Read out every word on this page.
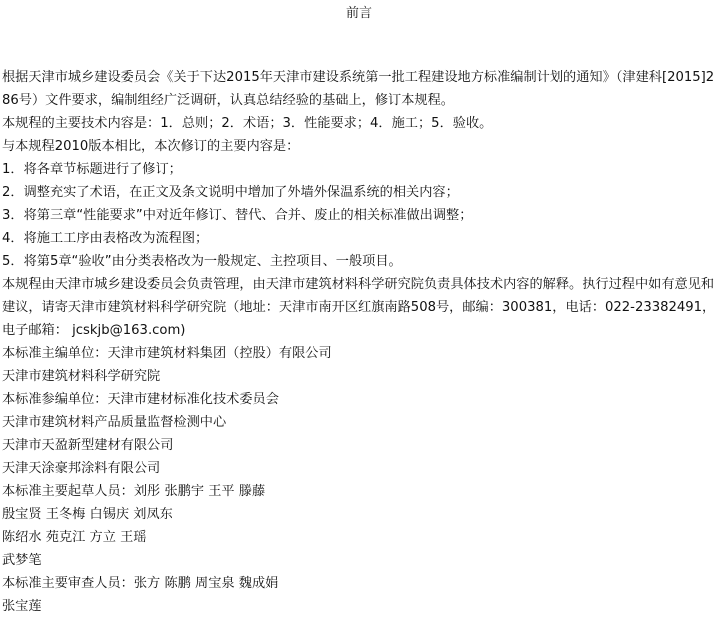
前言

根据天津市城乡建设委员会《关于下达2015年天津市建设系统第一批工程建设地方标准编制计划的通知》（津建科[2015]286号）文件要求，编制组经广泛调研，认真总结经验的基础上，修订本规程。

本规程的主要技术内容是：1．总则；2．术语；3．性能要求；4．施工；5．验收。

与本规程2010版本相比，本次修订的主要内容是：

1．将各章节标题进行了修订；

2．调整充实了术语，在正文及条文说明中增加了外墙外保温系统的相关内容；

3．将第三章“性能要求”中对近年修订、替代、合并、废止的相关标准做出调整；

4．将施工工序由表格改为流程图；

5．将第5章“验收”由分类表格改为一般规定、主控项目、一般项目。

本规程由天津市城乡建设委员会负责管理，由天津市建筑材料科学研究院负责具体技术内容的解释。执行过程中如有意见和建议，请寄天津市建筑材料科学研究院（地址：天津市南开区红旗南路508号，邮编：300381，电话：022-23382491，电子邮箱： jcskjb@163.com)

本标准主编单位：天津市建筑材料集团（控股）有限公司

天津市建筑材料科学研究院

本标准参编单位：天津市建材标准化技术委员会

天津市建筑材料产品质量监督检测中心

天津市天盈新型建材有限公司

天津天涂豪邦涂料有限公司

本标准主要起草人员：刘彤 张鹏宇 王平 滕藤

殷宝贤 王冬梅 白锡庆 刘凤东

陈绍水 苑克江 方立 王瑶

武梦笔

本标准主要审查人员：张方 陈鹏 周宝泉 魏成娟

张宝莲
